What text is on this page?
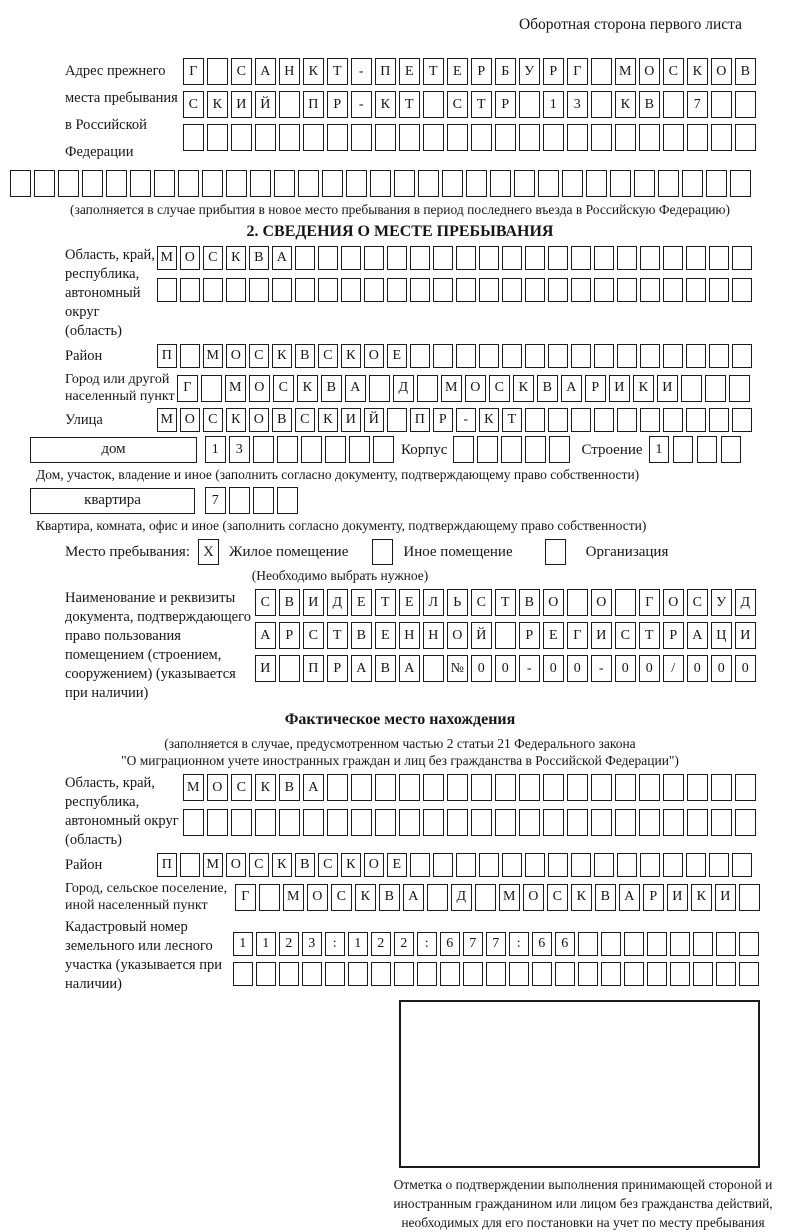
Оборотная сторона первого листа
Адрес прежнего места пребывания в Российской Федерации
Г	С	А Н	К	Т	-	П	Е	Т	Е	Р	Б	У	Р	Г	М О	С	К	О	В
С	К	И Й	П	Р	-	К	Т	С	Т	Р	1	3	К	В	7
(заполняется в случае прибытия в новое место пребывания в период последнего въезда в Российскую Федерацию)
2. СВЕДЕНИЯ О МЕСТЕ ПРЕБЫВАНИЯ
Область, край, республика, автономный округ (область)
М О С К В А
Район	П	М О С К В С К О Е
Город или другой населенный пункт
Г	М О	С	К	В	А	Д	М О	С	К	В	А	Р	И	К	И
Улица	М О С К О В С К И Й	П	Р	-	К	Т
дом	1	3	Корпус	Строение 1
Дом, участок, владение и иное (заполнить согласно документу, подтверждающему право собственности)
квартира	7
Квартира, комната, офис и иное (заполнить согласно документу, подтверждающему право собственности)
Место пребывания: X	Жилое помещение	Иное помещение	Организация
(Необходимо выбрать нужное)
Наименование и реквизиты документа, подтверждающего право пользования помещением (строением, сооружением) (указывается при наличии)
С	В	И	Д	Е	Т	Е	Л	Ь	С	Т	В	О	О	Г	О	С	У	Д
А	Р	С	Т	В	Е	Н Н О Й	Р	Е	Г	И	С	Т	Р	А Ц И
И	П	Р	А	В	А	№ 0	0	-	0	0	-	0	0	/	0	0	0
Фактическое место нахождения
(заполняется в случае, предусмотренном частью 2 статьи 21 Федерального закона
"О миграционном учете иностранных граждан и лиц без гражданства в Российской Федерации")
Область, край, республика, автономный округ (область)
М О	С	К	В	А
Район	П	М О С К В С К О Е
Город, сельское поселение, иной населенный пункт
Г	М О	С	К	В	А	Д	М О	С	К	В	А	Р	И	К	И
Кадастровый номер земельного или лесного участка (указывается при наличии)
1	1	2	3	:	1	2	2	:	6	7	7	:	6	6
Отметка о подтверждении выполнения принимающей стороной и иностранным гражданином или лицом без гражданства действий, необходимых для его постановки на учет по месту пребывания
